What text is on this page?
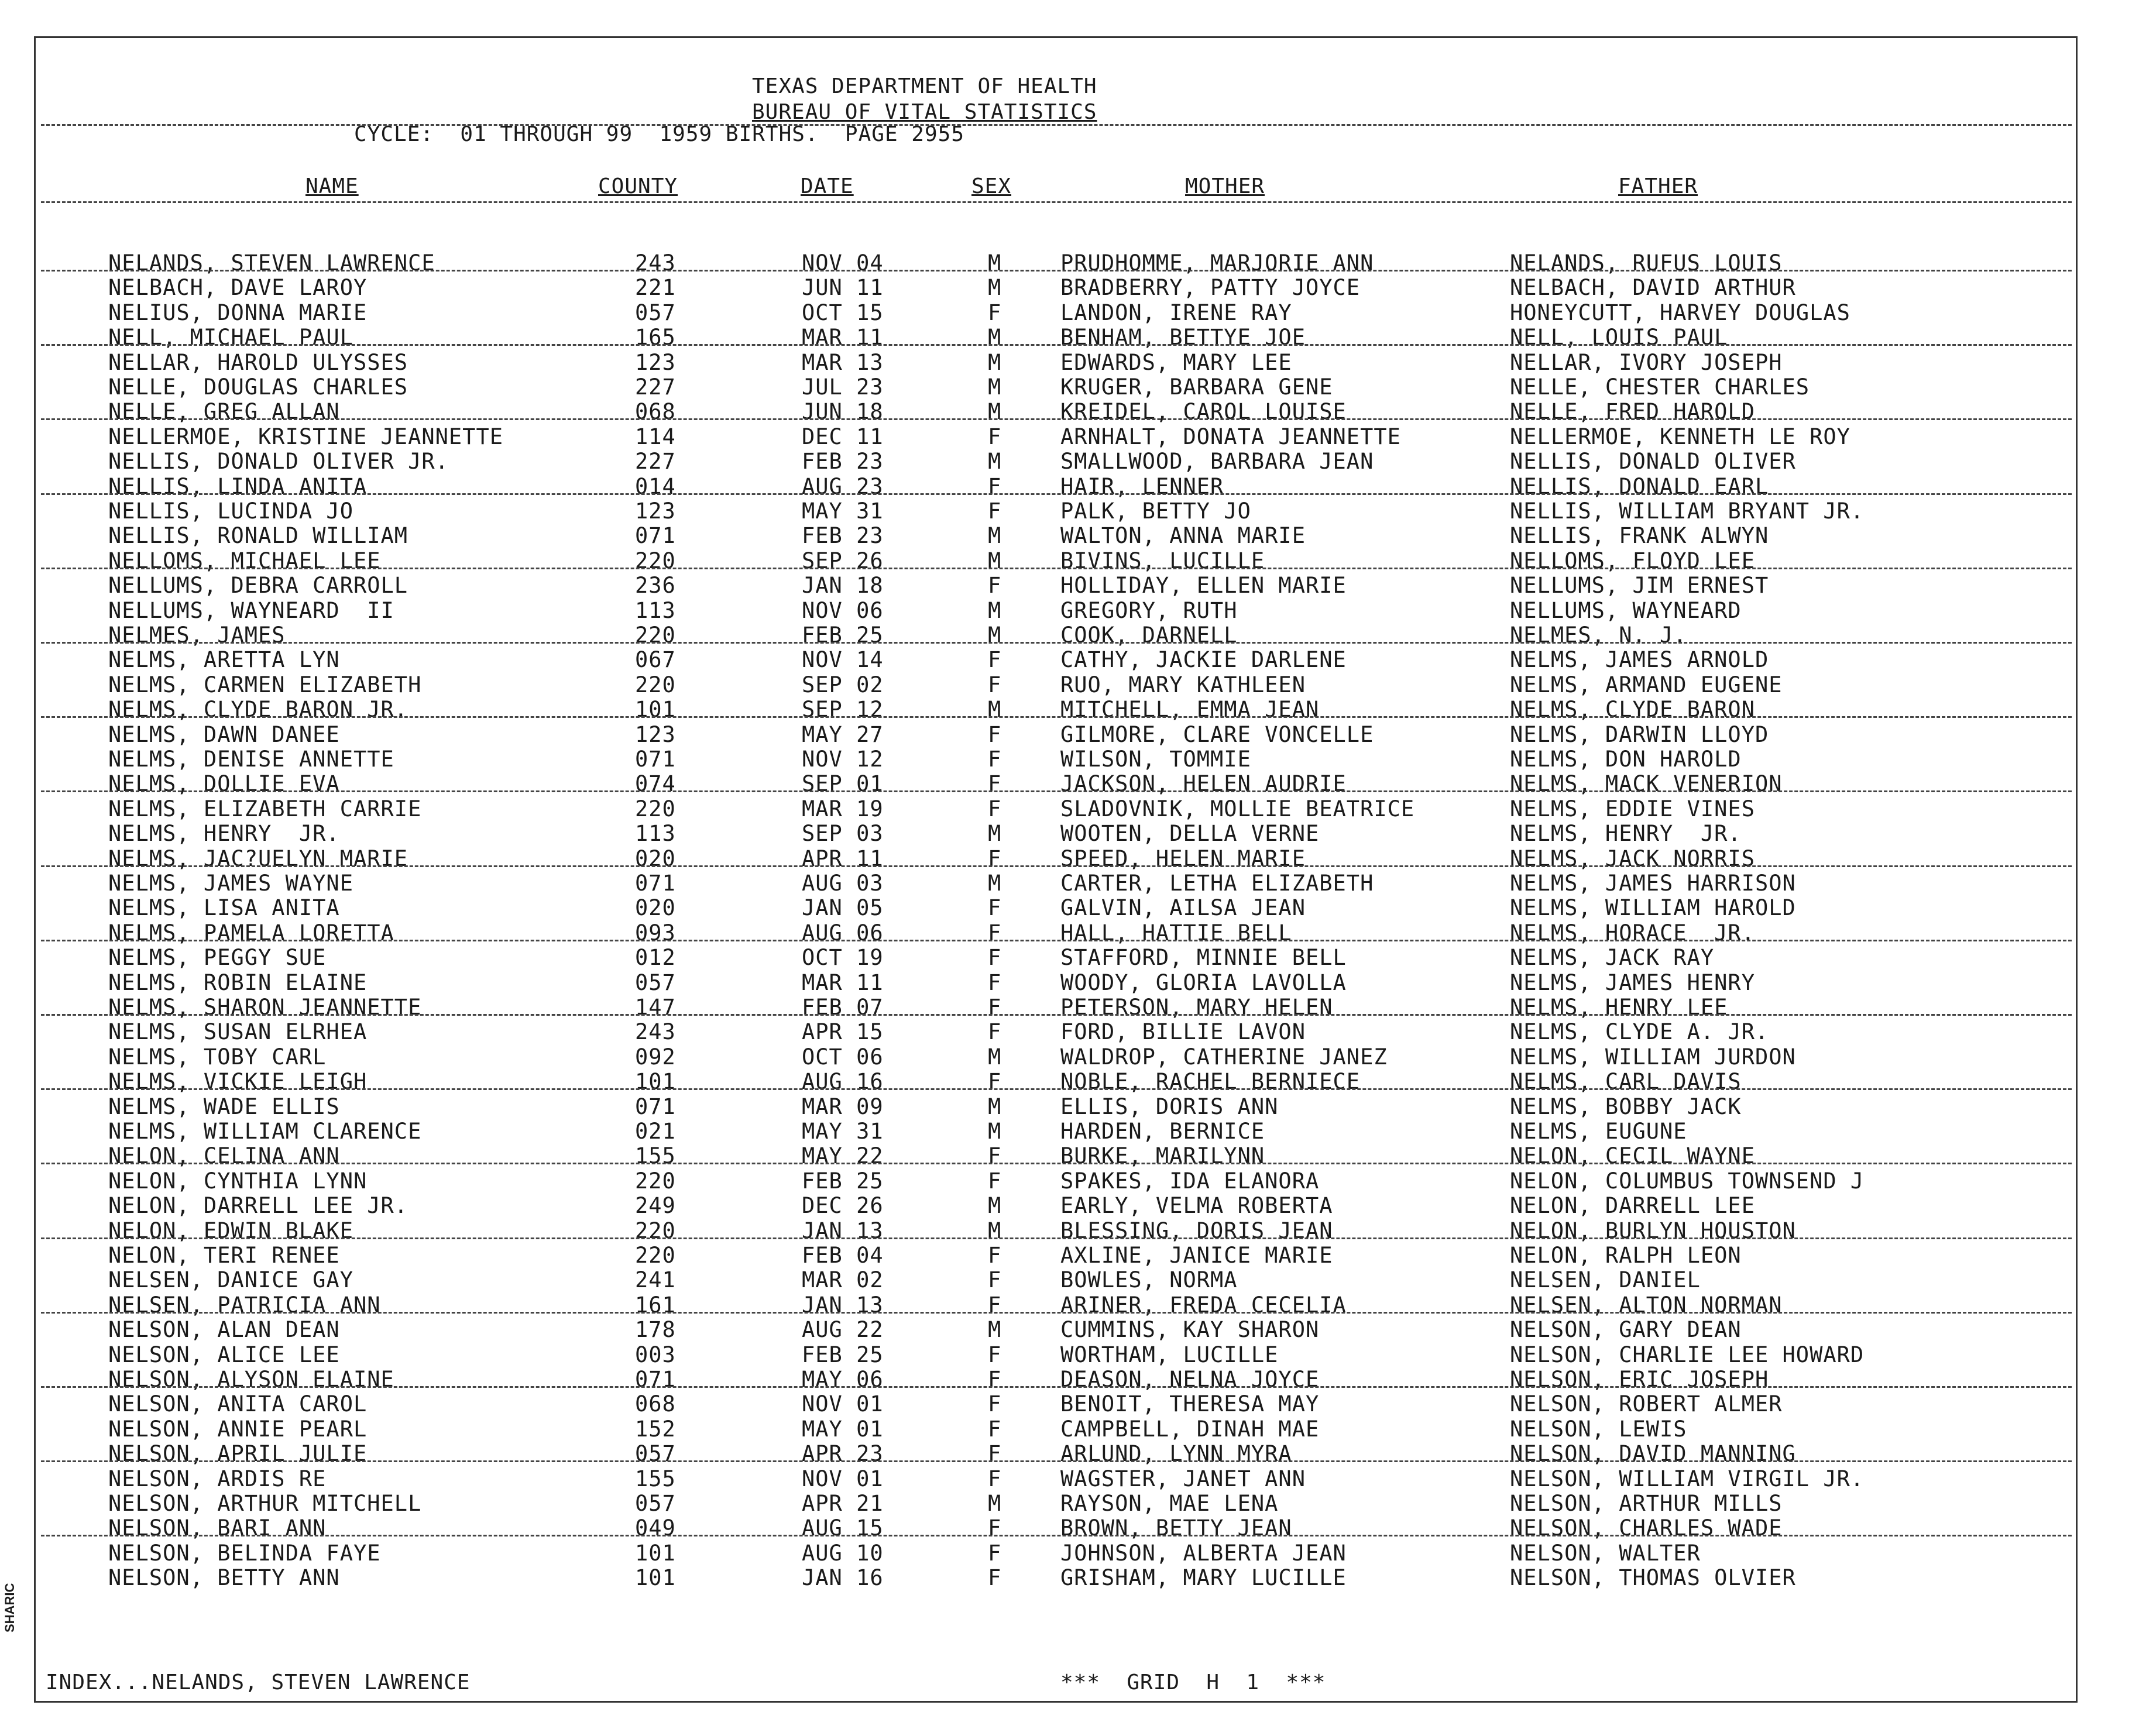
TEXAS DEPARTMENT OF HEALTH
BUREAU OF VITAL STATISTICS
CYCLE:  01 THROUGH 99  1959 BIRTHS.  PAGE 2955
NAME	COUNTY	DATE	SEX	MOTHER	FATHER
NELANDS, STEVEN LAWRENCE	243	NOV 04	M	PRUDHOMME, MARJORIE ANN	NELANDS, RUFUS LOUIS
NELBACH, DAVE LAROY	221	JUN 11	M	BRADBERRY, PATTY JOYCE	NELBACH, DAVID ARTHUR
NELIUS, DONNA MARIE	057	OCT 15	F	LANDON, IRENE RAY	HONEYCUTT, HARVEY DOUGLAS
NELL, MICHAEL PAUL	165	MAR 11	M	BENHAM, BETTYE JOE	NELL, LOUIS PAUL
NELLAR, HAROLD ULYSSES	123	MAR 13	M	EDWARDS, MARY LEE	NELLAR, IVORY JOSEPH
NELLE, DOUGLAS CHARLES	227	JUL 23	M	KRUGER, BARBARA GENE	NELLE, CHESTER CHARLES
NELLE, GREG ALLAN	068	JUN 18	M	KREIDEL, CAROL LOUISE	NELLE, FRED HAROLD
NELLERMOE, KRISTINE JEANNETTE	114	DEC 11	F	ARNHALT, DONATA JEANNETTE	NELLERMOE, KENNETH LE ROY
NELLIS, DONALD OLIVER JR.	227	FEB 23	M	SMALLWOOD, BARBARA JEAN	NELLIS, DONALD OLIVER
NELLIS, LINDA ANITA	014	AUG 23	F	HAIR, LENNER	NELLIS, DONALD EARL
NELLIS, LUCINDA JO	123	MAY 31	F	PALK, BETTY JO	NELLIS, WILLIAM BRYANT JR.
NELLIS, RONALD WILLIAM	071	FEB 23	M	WALTON, ANNA MARIE	NELLIS, FRANK ALWYN
NELLOMS, MICHAEL LEE	220	SEP 26	M	BIVINS, LUCILLE	NELLOMS, FLOYD LEE
NELLUMS, DEBRA CARROLL	236	JAN 18	F	HOLLIDAY, ELLEN MARIE	NELLUMS, JIM ERNEST
NELLUMS, WAYNEARD  II	113	NOV 06	M	GREGORY, RUTH	NELLUMS, WAYNEARD
NELMES, JAMES	220	FEB 25	M	COOK, DARNELL	NELMES, N. J.
NELMS, ARETTA LYN	067	NOV 14	F	CATHY, JACKIE DARLENE	NELMS, JAMES ARNOLD
NELMS, CARMEN ELIZABETH	220	SEP 02	F	RUO, MARY KATHLEEN	NELMS, ARMAND EUGENE
NELMS, CLYDE BARON JR.	101	SEP 12	M	MITCHELL, EMMA JEAN	NELMS, CLYDE BARON
NELMS, DAWN DANEE	123	MAY 27	F	GILMORE, CLARE VONCELLE	NELMS, DARWIN LLOYD
NELMS, DENISE ANNETTE	071	NOV 12	F	WILSON, TOMMIE	NELMS, DON HAROLD
NELMS, DOLLIE EVA	074	SEP 01	F	JACKSON, HELEN AUDRIE	NELMS, MACK VENERION
NELMS, ELIZABETH CARRIE	220	MAR 19	F	SLADOVNIK, MOLLIE BEATRICE	NELMS, EDDIE VINES
NELMS, HENRY  JR.	113	SEP 03	M	WOOTEN, DELLA VERNE	NELMS, HENRY  JR.
NELMS, JAC?UELYN MARIE	020	APR 11	F	SPEED, HELEN MARIE	NELMS, JACK NORRIS
NELMS, JAMES WAYNE	071	AUG 03	M	CARTER, LETHA ELIZABETH	NELMS, JAMES HARRISON
NELMS, LISA ANITA	020	JAN 05	F	GALVIN, AILSA JEAN	NELMS, WILLIAM HAROLD
NELMS, PAMELA LORETTA	093	AUG 06	F	HALL, HATTIE BELL	NELMS, HORACE  JR.
NELMS, PEGGY SUE	012	OCT 19	F	STAFFORD, MINNIE BELL	NELMS, JACK RAY
NELMS, ROBIN ELAINE	057	MAR 11	F	WOODY, GLORIA LAVOLLA	NELMS, JAMES HENRY
NELMS, SHARON JEANNETTE	147	FEB 07	F	PETERSON, MARY HELEN	NELMS, HENRY LEE
NELMS, SUSAN ELRHEA	243	APR 15	F	FORD, BILLIE LAVON	NELMS, CLYDE A. JR.
NELMS, TOBY CARL	092	OCT 06	M	WALDROP, CATHERINE JANEZ	NELMS, WILLIAM JURDON
NELMS, VICKIE LEIGH	101	AUG 16	F	NOBLE, RACHEL BERNIECE	NELMS, CARL DAVIS
NELMS, WADE ELLIS	071	MAR 09	M	ELLIS, DORIS ANN	NELMS, BOBBY JACK
NELMS, WILLIAM CLARENCE	021	MAY 31	M	HARDEN, BERNICE	NELMS, EUGUNE
NELON, CELINA ANN	155	MAY 22	F	BURKE, MARILYNN	NELON, CECIL WAYNE
NELON, CYNTHIA LYNN	220	FEB 25	F	SPAKES, IDA ELANORA	NELON, COLUMBUS TOWNSEND J
NELON, DARRELL LEE JR.	249	DEC 26	M	EARLY, VELMA ROBERTA	NELON, DARRELL LEE
NELON, EDWIN BLAKE	220	JAN 13	M	BLESSING, DORIS JEAN	NELON, BURLYN HOUSTON
NELON, TERI RENEE	220	FEB 04	F	AXLINE, JANICE MARIE	NELON, RALPH LEON
NELSEN, DANICE GAY	241	MAR 02	F	BOWLES, NORMA	NELSEN, DANIEL
NELSEN, PATRICIA ANN	161	JAN 13	F	ARINER, FREDA CECELIA	NELSEN, ALTON NORMAN
NELSON, ALAN DEAN	178	AUG 22	M	CUMMINS, KAY SHARON	NELSON, GARY DEAN
NELSON, ALICE LEE	003	FEB 25	F	WORTHAM, LUCILLE	NELSON, CHARLIE LEE HOWARD
NELSON, ALYSON ELAINE	071	MAY 06	F	DEASON, NELNA JOYCE	NELSON, ERIC JOSEPH
NELSON, ANITA CAROL	068	NOV 01	F	BENOIT, THERESA MAY	NELSON, ROBERT ALMER
NELSON, ANNIE PEARL	152	MAY 01	F	CAMPBELL, DINAH MAE	NELSON, LEWIS
NELSON, APRIL JULIE	057	APR 23	F	ARLUND, LYNN MYRA	NELSON, DAVID MANNING
NELSON, ARDIS RE	155	NOV 01	F	WAGSTER, JANET ANN	NELSON, WILLIAM VIRGIL JR.
NELSON, ARTHUR MITCHELL	057	APR 21	M	RAYSON, MAE LENA	NELSON, ARTHUR MILLS
NELSON, BARI ANN	049	AUG 15	F	BROWN, BETTY JEAN	NELSON, CHARLES WADE
NELSON, BELINDA FAYE	101	AUG 10	F	JOHNSON, ALBERTA JEAN	NELSON, WALTER
NELSON, BETTY ANN	101	JAN 16	F	GRISHAM, MARY LUCILLE	NELSON, THOMAS OLVIER
INDEX...NELANDS, STEVEN LAWRENCE	***  GRID  H  1  ***
SHARIC
